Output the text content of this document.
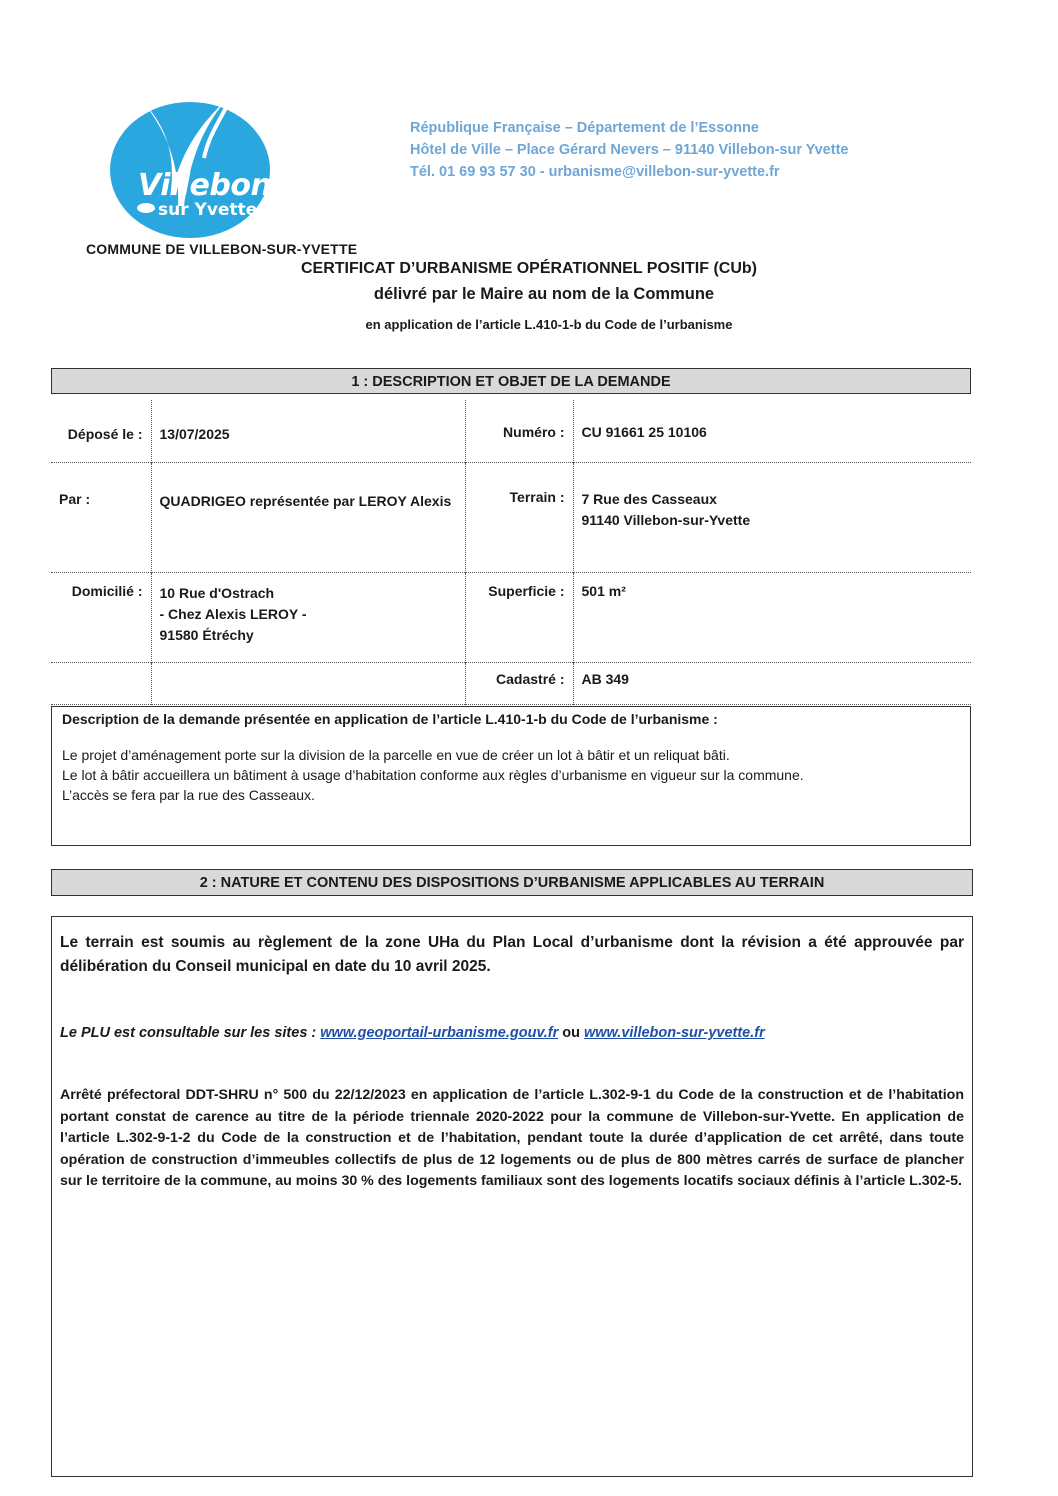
Villebon
sur Yvette
République Française – Département de l’Essonne
Hôtel de Ville – Place Gérard Nevers – 91140 Villebon-sur Yvette
Tél. 01 69 93 57 30 - urbanisme@villebon-sur-yvette.fr
COMMUNE DE VILLEBON-SUR-YVETTE
CERTIFICAT D’URBANISME OPÉRATIONNEL POSITIF (CUb)
délivré par le Maire au nom de la Commune
en application de l’article L.410-1-b du Code de l’urbanisme
1 : DESCRIPTION ET OBJET DE LA DEMANDE
Déposé le :	13/07/2025	Numéro :	CU 91661 25 10106
Par :	QUADRIGEO représentée par LEROY Alexis	Terrain :	7 Rue des Casseaux
91140 Villebon-sur-Yvette

Domicilié :	10 Rue d'Ostrach
- Chez Alexis LEROY -
91580 Étréchy	Superficie :	501 m²
		Cadastré :	AB 349
Description de la demande présentée en application de l’article L.410-1-b du Code de l’urbanisme :
Le projet d’aménagement porte sur la division de la parcelle en vue de créer un lot à bâtir et un reliquat bâti.
Le lot à bâtir accueillera un bâtiment à usage d’habitation conforme aux règles d’urbanisme en vigueur sur la commune.
L’accès se fera par la rue des Casseaux.
2 : NATURE ET CONTENU DES DISPOSITIONS D’URBANISME APPLICABLES AU TERRAIN
Le terrain est soumis au règlement de la zone UHa du Plan Local d’urbanisme dont la révision a été approuvée par délibération du Conseil municipal en date du 10 avril 2025.
Le PLU est consultable sur les sites : www.geoportail-urbanisme.gouv.fr ou www.villebon-sur-yvette.fr
Arrêté préfectoral DDT-SHRU n° 500 du 22/12/2023 en application de l’article L.302-9-1 du Code de la construction et de l’habitation portant constat de carence au titre de la période triennale 2020-2022 pour la commune de Villebon-sur-Yvette. En application de l’article L.302-9-1-2 du Code de la construction et de l’habitation, pendant toute la durée d’application de cet arrêté, dans toute opération de construction d’immeubles collectifs de plus de 12 logements ou de plus de 800 mètres carrés de surface de plancher sur le territoire de la commune, au moins 30 % des logements familiaux sont des logements locatifs sociaux définis à l’article L.302-5.
